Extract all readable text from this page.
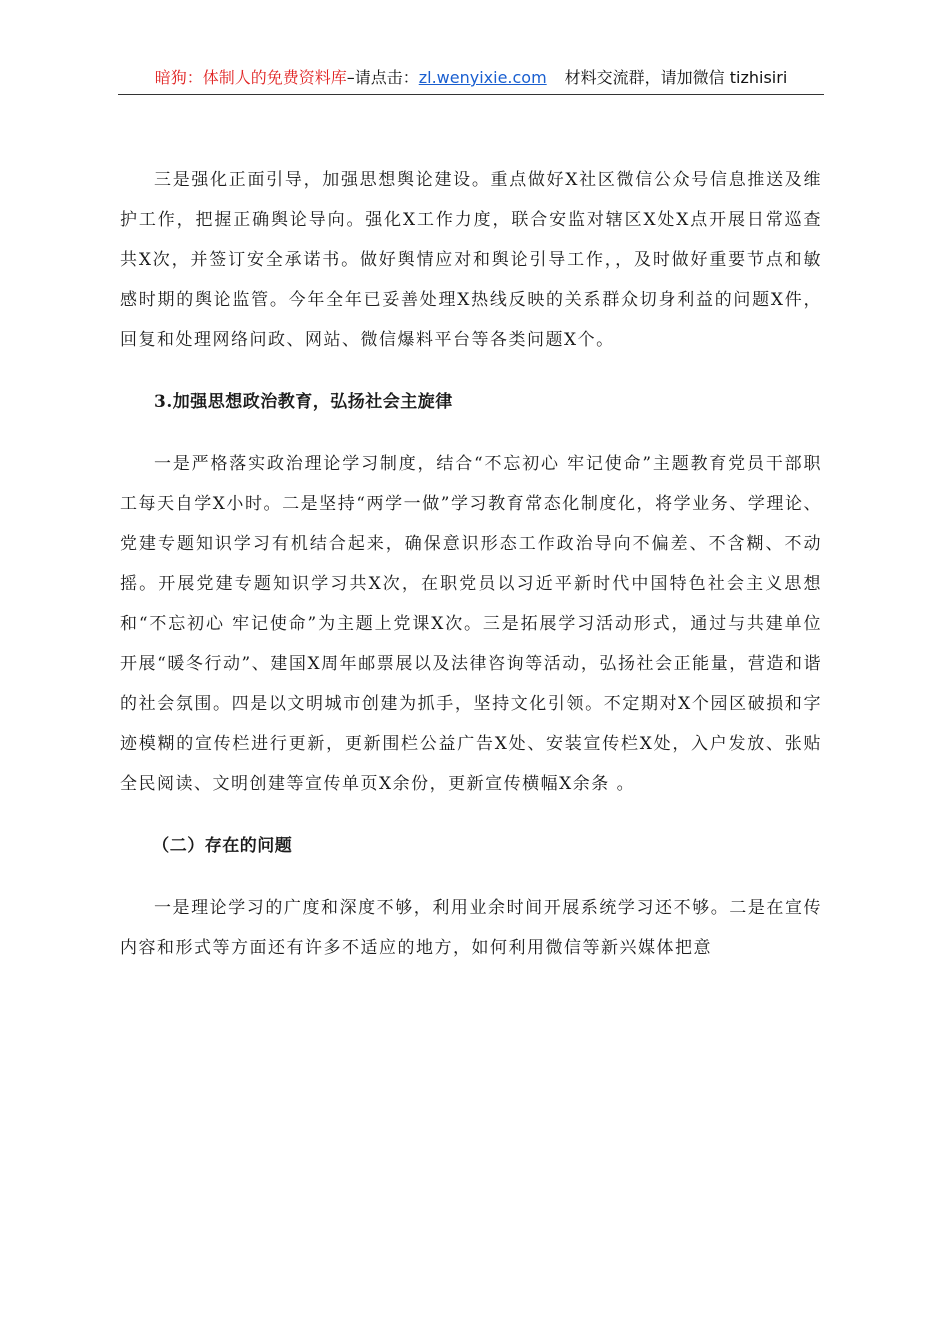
暗狗：体制人的免费资料库–请点击：zl.wenyixie.com 材料交流群，请加微信 tizhisiri

三是强化正面引导，加强思想舆论建设。重点做好X社区微信公众号信息推送及维护工作，把握正确舆论导向。强化X工作力度，联合安监对辖区X处X点开展日常巡查共X次，并签订安全承诺书。做好舆情应对和舆论引导工作，，及时做好重要节点和敏感时期的舆论监管。今年全年已妥善处理X热线反映的关系群众切身利益的问题X件，回复和处理网络问政、网站、微信爆料平台等各类问题X个。

3.加强思想政治教育，弘扬社会主旋律

一是严格落实政治理论学习制度，结合“不忘初心 牢记使命”主题教育党员干部职工每天自学X小时。二是坚持“两学一做”学习教育常态化制度化，将学业务、学理论、党建专题知识学习有机结合起来，确保意识形态工作政治导向不偏差、不含糊、不动摇。开展党建专题知识学习共X次，在职党员以习近平新时代中国特色社会主义思想和“不忘初心 牢记使命”为主题上党课X次。三是拓展学习活动形式，通过与共建单位开展“暖冬行动”、建国X周年邮票展以及法律咨询等活动，弘扬社会正能量，营造和谐的社会氛围。四是以文明城市创建为抓手，坚持文化引领。不定期对X个园区破损和字迹模糊的宣传栏进行更新，更新围栏公益广告X处、安装宣传栏X处，入户发放、张贴全民阅读、文明创建等宣传单页X余份，更新宣传横幅X余条 。

（二）存在的问题

一是理论学习的广度和深度不够，利用业余时间开展系统学习还不够。二是在宣传内容和形式等方面还有许多不适应的地方，如何利用微信等新兴媒体把意
